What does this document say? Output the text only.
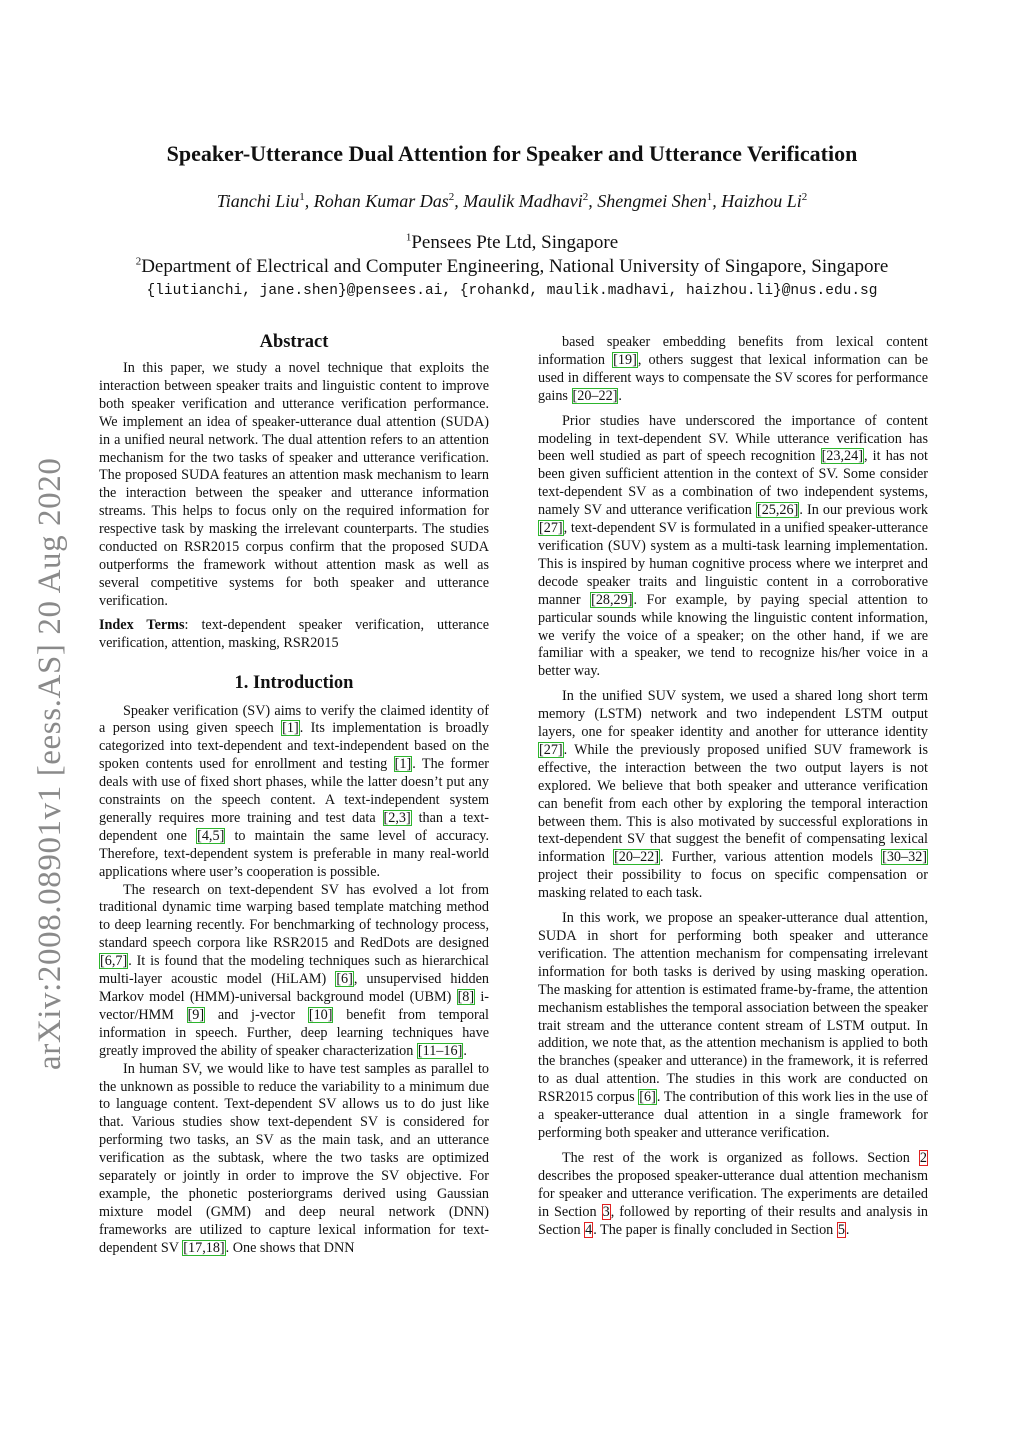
arXiv:2008.08901v1 [eess.AS] 20 Aug 2020
Speaker-Utterance Dual Attention for Speaker and Utterance Verification
Tianchi Liu$^1$, Rohan Kumar Das$^2$, Maulik Madhavi$^2$, Shengmei Shen$^1$, Haizhou Li$^2$
$^1$Pensees Pte Ltd, Singapore
$^2$Department of Electrical and Computer Engineering, National University of Singapore, Singapore
{liutianchi, jane.shen}@pensees.ai, {rohankd, maulik.madhavi, haizhou.li}@nus.edu.sg
Abstract

In this paper, we study a novel technique that exploits the interaction between speaker traits and linguistic content to improve both speaker verification and utterance verification performance. We implement an idea of speaker-utterance dual attention (SUDA) in a unified neural network. The dual attention refers to an attention mechanism for the two tasks of speaker and utterance verification. The proposed SUDA features an attention mask mechanism to learn the interaction between the speaker and utterance information streams. This helps to focus only on the required information for respective task by masking the irrelevant counterparts. The studies conducted on RSR2015 corpus confirm that the proposed SUDA outperforms the framework without attention mask as well as several competitive systems for both speaker and utterance verification.

Index Terms: text-dependent speaker verification, utterance verification, attention, masking, RSR2015

1. Introduction

Speaker verification (SV) aims to verify the claimed identity of a person using given speech [1]. Its implementation is broadly categorized into text-dependent and text-independent based on the spoken contents used for enrollment and testing [1]. The former deals with use of fixed short phases, while the latter doesn’t put any constraints on the speech content. A text-independent system generally requires more training and test data [2,3] than a text-dependent one [4,5] to maintain the same level of accuracy. Therefore, text-dependent system is preferable in many real-world applications where user’s cooperation is possible.

The research on text-dependent SV has evolved a lot from traditional dynamic time warping based template matching method to deep learning recently. For benchmarking of technology process, standard speech corpora like RSR2015 and RedDots are designed [6,7]. It is found that the modeling techniques such as hierarchical multi-layer acoustic model (HiLAM) [6], unsupervised hidden Markov model (HMM)-universal background model (UBM) [8] i-vector/HMM [9] and j-vector [10] benefit from temporal information in speech. Further, deep learning techniques have greatly improved the ability of speaker characterization [11–16].

In human SV, we would like to have test samples as parallel to the unknown as possible to reduce the variability to a minimum due to language content. Text-dependent SV allows us to do just like that. Various studies show text-dependent SV is considered for performing two tasks, an SV as the main task, and an utterance verification as the subtask, where the two tasks are optimized separately or jointly in order to improve the SV objective. For example, the phonetic posteriorgrams derived using Gaussian mixture model (GMM) and deep neural network (DNN) frameworks are utilized to capture lexical information for text-dependent SV [17,18]. One shows that DNN

based speaker embedding benefits from lexical content information [19], others suggest that lexical information can be used in different ways to compensate the SV scores for performance gains [20–22].

Prior studies have underscored the importance of content modeling in text-dependent SV. While utterance verification has been well studied as part of speech recognition [23,24], it has not been given sufficient attention in the context of SV. Some consider text-dependent SV as a combination of two independent systems, namely SV and utterance verification [25,26]. In our previous work [27], text-dependent SV is formulated in a unified speaker-utterance verification (SUV) system as a multi-task learning implementation. This is inspired by human cognitive process where we interpret and decode speaker traits and linguistic content in a corroborative manner [28,29]. For example, by paying special attention to particular sounds while knowing the linguistic content information, we verify the voice of a speaker; on the other hand, if we are familiar with a speaker, we tend to recognize his/her voice in a better way.

In the unified SUV system, we used a shared long short term memory (LSTM) network and two independent LSTM output layers, one for speaker identity and another for utterance identity [27]. While the previously proposed unified SUV framework is effective, the interaction between the two output layers is not explored. We believe that both speaker and utterance verification can benefit from each other by exploring the temporal interaction between them. This is also motivated by successful explorations in text-dependent SV that suggest the benefit of compensating lexical information [20–22]. Further, various attention models [30–32] project their possibility to focus on specific compensation or masking related to each task.

In this work, we propose an speaker-utterance dual attention, SUDA in short for performing both speaker and utterance verification. The attention mechanism for compensating irrelevant information for both tasks is derived by using masking operation. The masking for attention is estimated frame-by-frame, the attention mechanism establishes the temporal association between the speaker trait stream and the utterance content stream of LSTM output. In addition, we note that, as the attention mechanism is applied to both the branches (speaker and utterance) in the framework, it is referred to as dual attention. The studies in this work are conducted on RSR2015 corpus [6]. The contribution of this work lies in the use of a speaker-utterance dual attention in a single framework for performing both speaker and utterance verification.

The rest of the work is organized as follows. Section 2 describes the proposed speaker-utterance dual attention mechanism for speaker and utterance verification. The experiments are detailed in Section 3, followed by reporting of their results and analysis in Section 4. The paper is finally concluded in Section 5.
